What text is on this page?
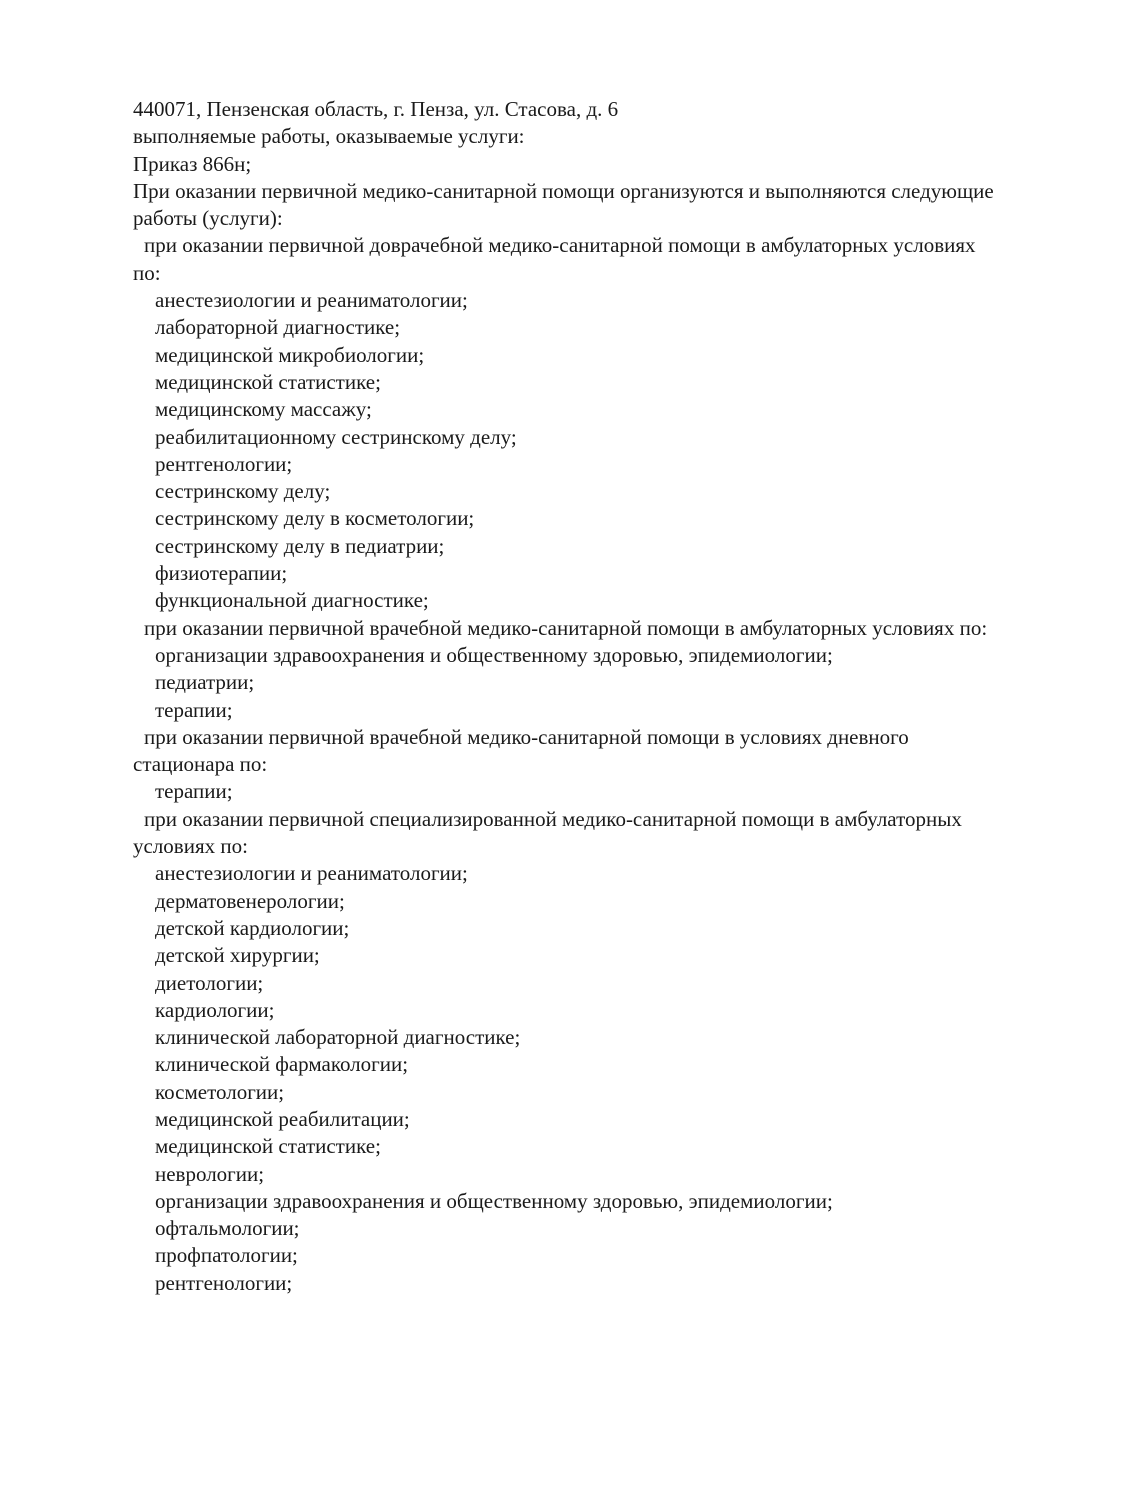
440071, Пензенская область, г. Пенза, ул. Стасова, д. 6
выполняемые работы, оказываемые услуги:
Приказ 866н;
При оказании первичной медико-санитарной помощи организуются и выполняются следующие
работы (услуги):
при оказании первичной доврачебной медико-санитарной помощи в амбулаторных условиях
по:
анестезиологии и реаниматологии;
лабораторной диагностике;
медицинской микробиологии;
медицинской статистике;
медицинскому массажу;
реабилитационному сестринскому делу;
рентгенологии;
сестринскому делу;
сестринскому делу в косметологии;
сестринскому делу в педиатрии;
физиотерапии;
функциональной диагностике;
при оказании первичной врачебной медико-санитарной помощи в амбулаторных условиях по:
организации здравоохранения и общественному здоровью, эпидемиологии;
педиатрии;
терапии;
при оказании первичной врачебной медико-санитарной помощи в условиях дневного
стационара по:
терапии;
при оказании первичной специализированной медико-санитарной помощи в амбулаторных
условиях по:
анестезиологии и реаниматологии;
дерматовенерологии;
детской кардиологии;
детской хирургии;
диетологии;
кардиологии;
клинической лабораторной диагностике;
клинической фармакологии;
косметологии;
медицинской реабилитации;
медицинской статистике;
неврологии;
организации здравоохранения и общественному здоровью, эпидемиологии;
офтальмологии;
профпатологии;
рентгенологии;
